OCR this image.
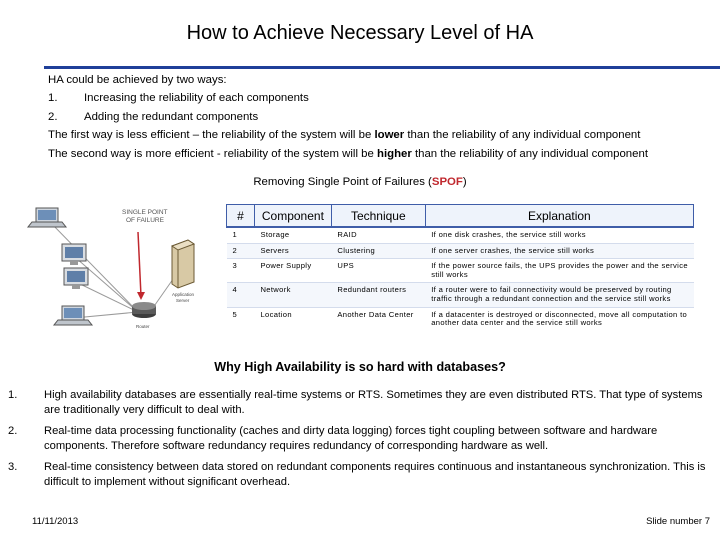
How to Achieve Necessary Level of HA
HA could be achieved by two ways:
1. Increasing the reliability of each components
2. Adding the redundant components
The first way is less efficient – the reliability of the system will be lower than the reliability of any individual component
The second way is more efficient - reliability of the system will be higher than the reliability of any individual component
Removing Single Point of Failures (SPOF)
SINGLE POINT
OF FAILURE
Router
Application
Server
#	Component	Technique	Explanation
1	Storage	RAID	If one disk crashes, the service still works
2	Servers	Clustering	If one server crashes, the service still works
3	Power Supply	UPS	If the power source fails, the UPS provides the power and the service still works
4	Network	Redundant routers	If a router were to fail connectivity would be preserved by routing traffic through a redundant connection and the service still works
5	Location	Another Data Center	If a datacenter is destroyed or disconnected, move all computation to another data center and the service still works
Why High Availability is so hard with databases?
1. High availability databases are essentially real-time systems or RTS. Sometimes they are even distributed RTS. That type of systems are traditionally very difficult to deal with.
2. Real-time data processing functionality (caches and dirty data logging) forces tight coupling between software and hardware components. Therefore software redundancy requires redundancy of corresponding hardware as well.
3. Real-time consistency between data stored on redundant components requires continuous and instantaneous synchronization. This is difficult to implement without significant overhead.
11/11/2013	Slide number 7
